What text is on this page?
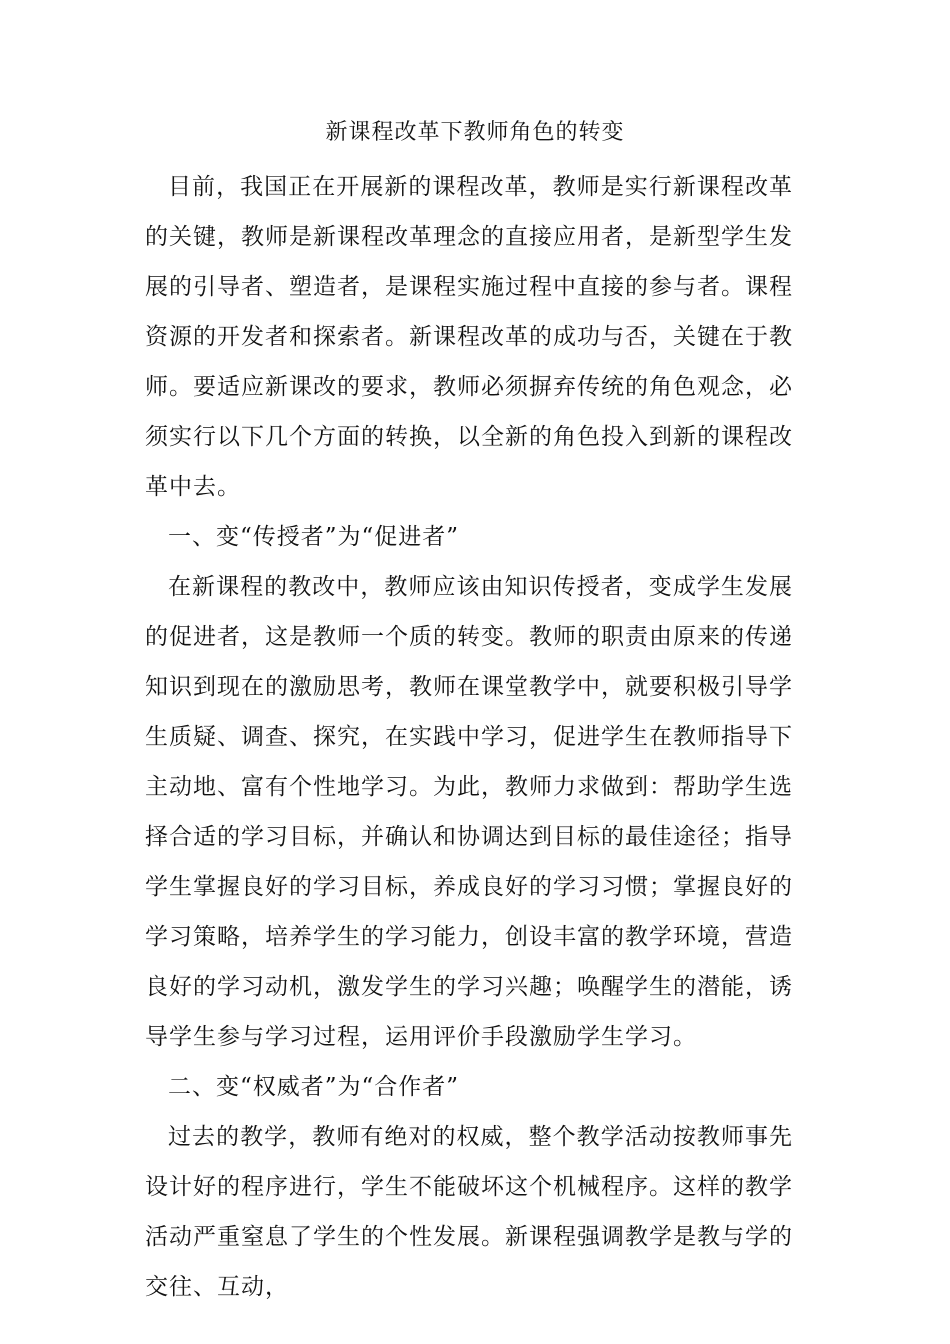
新课程改革下教师角色的转变

目前，我国正在开展新的课程改革，教师是实行新课程改革的关键，教师是新课程改革理念的直接应用者，是新型学生发展的引导者、塑造者，是课程实施过程中直接的参与者。课程资源的开发者和探索者。新课程改革的成功与否，关键在于教师。要适应新课改的要求，教师必须摒弃传统的角色观念，必须实行以下几个方面的转换，以全新的角色投入到新的课程改革中去。

一、变“传授者”为“促进者”

在新课程的教改中，教师应该由知识传授者，变成学生发展的促进者，这是教师一个质的转变。教师的职责由原来的传递知识到现在的激励思考，教师在课堂教学中，就要积极引导学生质疑、调查、探究，在实践中学习，促进学生在教师指导下主动地、富有个性地学习。为此，教师力求做到：帮助学生选择合适的学习目标，并确认和协调达到目标的最佳途径；指导学生掌握良好的学习目标，养成良好的学习习惯；掌握良好的学习策略，培养学生的学习能力，创设丰富的教学环境，营造良好的学习动机，激发学生的学习兴趣；唤醒学生的潜能，诱导学生参与学习过程，运用评价手段激励学生学习。

二、变“权威者”为“合作者”

过去的教学，教师有绝对的权威，整个教学活动按教师事先设计好的程序进行，学生不能破坏这个机械程序。这样的教学活动严重窒息了学生的个性发展。新课程强调教学是教与学的交往、互动，
